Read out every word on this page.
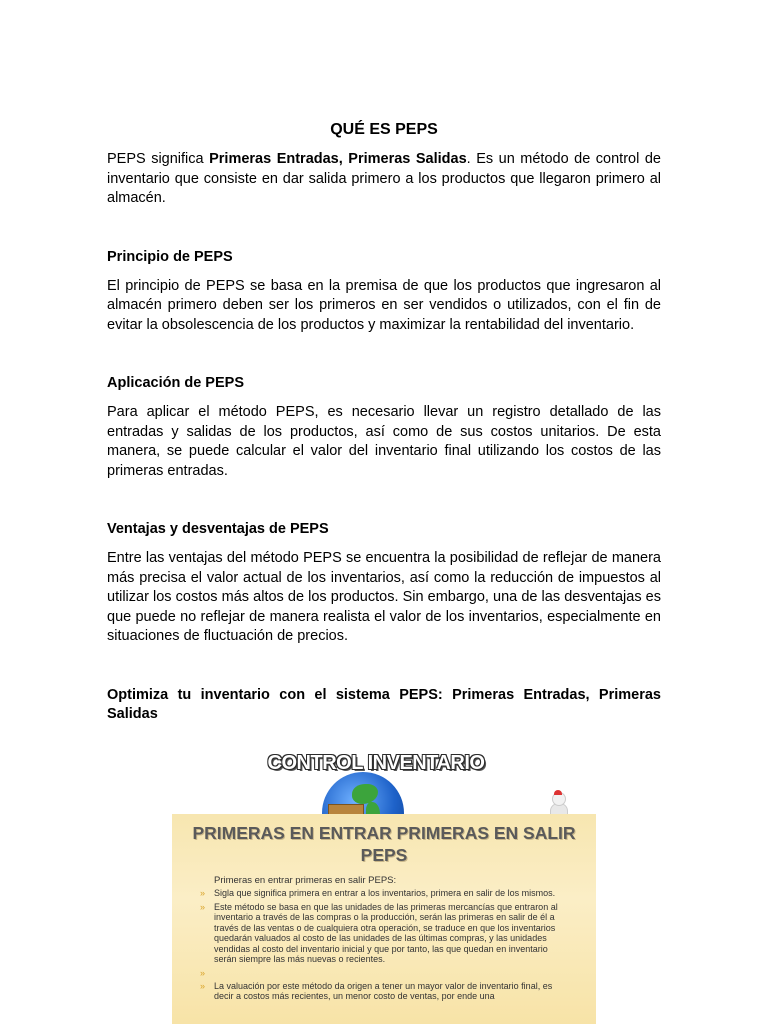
QUÉ ES PEPS

PEPS significa Primeras Entradas, Primeras Salidas. Es un método de control de inventario que consiste en dar salida primero a los productos que llegaron primero al almacén.

Principio de PEPS

El principio de PEPS se basa en la premisa de que los productos que ingresaron al almacén primero deben ser los primeros en ser vendidos o utilizados, con el fin de evitar la obsolescencia de los productos y maximizar la rentabilidad del inventario.

Aplicación de PEPS

Para aplicar el método PEPS, es necesario llevar un registro detallado de las entradas y salidas de los productos, así como de sus costos unitarios. De esta manera, se puede calcular el valor del inventario final utilizando los costos de las primeras entradas.

Ventajas y desventajas de PEPS

Entre las ventajas del método PEPS se encuentra la posibilidad de reflejar de manera más precisa el valor actual de los inventarios, así como la reducción de impuestos al utilizar los costos más altos de los productos. Sin embargo, una de las desventajas es que puede no reflejar de manera realista el valor de los inventarios, especialmente en situaciones de fluctuación de precios.

Optimiza tu inventario con el sistema PEPS: Primeras Entradas, Primeras Salidas
CONTROL INVENTARIO
PRIMERAS EN ENTRAR PRIMERAS EN SALIR
PEPS
Primeras en entrar primeras en salir PEPS:
» Sigla que significa primera en entrar a los inventarios, primera en salir de los mismos.
» Este método se basa en que las unidades de las primeras mercancías que entraron al inventario a través de las compras o la producción, serán las primeras en salir de él a través de las ventas o de cualquiera otra operación, se traduce en que los inventarios quedarán valuados al costo de las unidades de las últimas compras, y las unidades vendidas al costo del inventario inicial y que por tanto, las que quedan en inventario serán siempre las más nuevas o recientes.
»
» La valuación por este método da origen a tener un mayor valor de inventario final, es decir a costos más recientes, un menor costo de ventas, por ende una
